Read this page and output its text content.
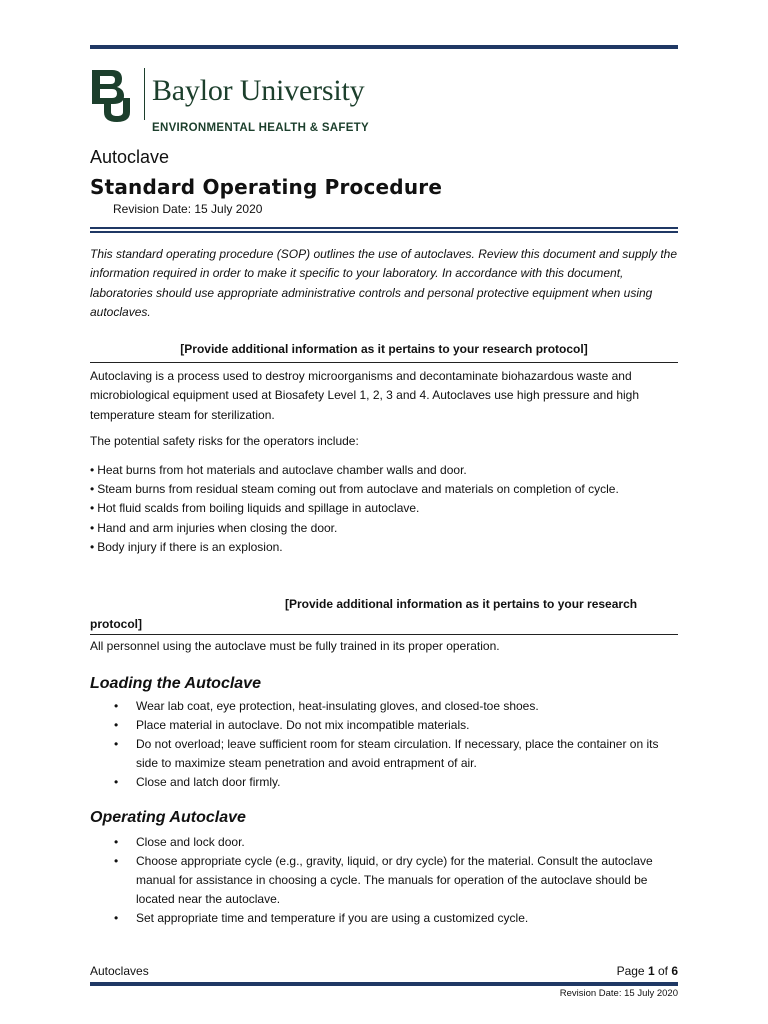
Baylor University
ENVIRONMENTAL HEALTH & SAFETY
Autoclave
Standard Operating Procedure
Revision Date: 15 July 2020
This standard operating procedure (SOP) outlines the use of autoclaves. Review this document and supply the information required in order to make it specific to your laboratory. In accordance with this document, laboratories should use appropriate administrative controls and personal protective equipment when using autoclaves.
[Provide additional information as it pertains to your research protocol]
Autoclaving is a process used to destroy microorganisms and decontaminate biohazardous waste and microbiological equipment used at Biosafety Level 1, 2, 3 and 4. Autoclaves use high pressure and high temperature steam for sterilization.
The potential safety risks for the operators include:
• Heat burns from hot materials and autoclave chamber walls and door.
• Steam burns from residual steam coming out from autoclave and materials on completion of cycle.
• Hot fluid scalds from boiling liquids and spillage in autoclave.
• Hand and arm injuries when closing the door.
• Body injury if there is an explosion.
[Provide additional information as it pertains to your research
protocol]
All personnel using the autoclave must be fully trained in its proper operation.
Loading the Autoclave
• Wear lab coat, eye protection, heat-insulating gloves, and closed-toe shoes.
• Place material in autoclave. Do not mix incompatible materials.
• Do not overload; leave sufficient room for steam circulation. If necessary, place the container on its side to maximize steam penetration and avoid entrapment of air.
• Close and latch door firmly.
Operating Autoclave
• Close and lock door.
• Choose appropriate cycle (e.g., gravity, liquid, or dry cycle) for the material. Consult the autoclave manual for assistance in choosing a cycle. The manuals for operation of the autoclave should be located near the autoclave.
• Set appropriate time and temperature if you are using a customized cycle.
Autoclaves	Page 1 of 6
Revision Date: 15 July 2020
